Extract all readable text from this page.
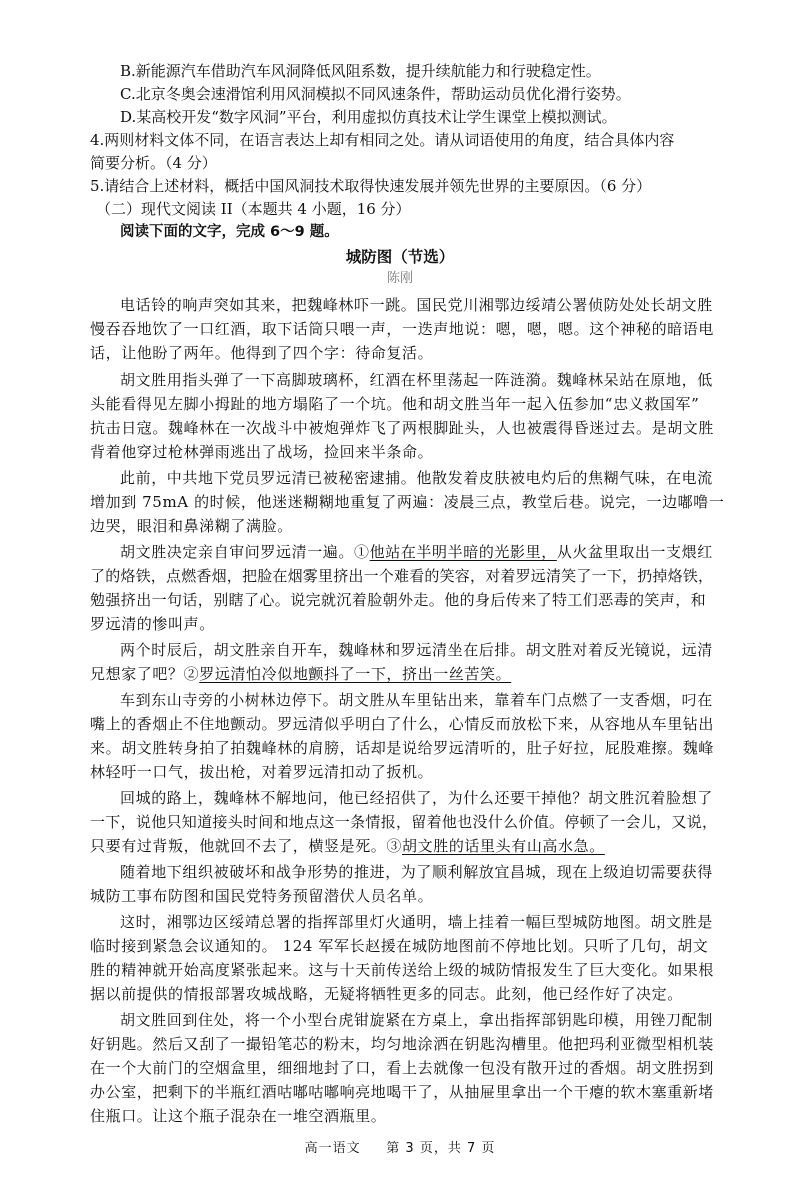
B.新能源汽车借助汽车风洞降低风阻系数，提升续航能力和行驶稳定性。
C.北京冬奥会速滑馆利用风洞模拟不同风速条件，帮助运动员优化滑行姿势。
D.某高校开发“数字风洞”平台，利用虚拟仿真技术让学生课堂上模拟测试。
4.两则材料文体不同，在语言表达上却有相同之处。请从词语使用的角度，结合具体内容
简要分析。（4 分）
5.请结合上述材料，概括中国风洞技术取得快速发展并领先世界的主要原因。（6 分）
（二）现代文阅读 II（本题共 4 小题，16 分）
阅读下面的文字，完成 6～9 题。
城防图（节选）
陈刚
电话铃的响声突如其来，把魏峰林吓一跳。国民党川湘鄂边绥靖公署侦防处处长胡文胜
慢吞吞地饮了一口红酒，取下话筒只喂一声，一迭声地说：嗯，嗯，嗯。这个神秘的暗语电
话，让他盼了两年。他得到了四个字：待命复活。
胡文胜用指头弹了一下高脚玻璃杯，红酒在杯里荡起一阵涟漪。魏峰林呆站在原地，低
头能看得见左脚小拇趾的地方塌陷了一个坑。他和胡文胜当年一起入伍参加“忠义救国军”
抗击日寇。魏峰林在一次战斗中被炮弹炸飞了两根脚趾头，人也被震得昏迷过去。是胡文胜
背着他穿过枪林弹雨逃出了战场，捡回来半条命。
此前，中共地下党员罗远清已被秘密逮捕。他散发着皮肤被电灼后的焦糊气味，在电流
增加到 75mA 的时候，他迷迷糊糊地重复了两遍：凌晨三点，教堂后巷。说完，一边嘟噜一
边哭，眼泪和鼻涕糊了满脸。
胡文胜决定亲自审问罗远清一遍。①他站在半明半暗的光影里，从火盆里取出一支煨红
了的烙铁，点燃香烟，把脸在烟雾里挤出一个难看的笑容，对着罗远清笑了一下，扔掉烙铁，
勉强挤出一句话，别瞎了心。说完就沉着脸朝外走。他的身后传来了特工们恶毒的笑声，和
罗远清的惨叫声。
两个时辰后，胡文胜亲自开车，魏峰林和罗远清坐在后排。胡文胜对着反光镜说，远清
兄想家了吧？②罗远清怕冷似地颤抖了一下，挤出一丝苦笑。
车到东山寺旁的小树林边停下。胡文胜从车里钻出来，靠着车门点燃了一支香烟，叼在
嘴上的香烟止不住地颤动。罗远清似乎明白了什么，心情反而放松下来，从容地从车里钻出
来。胡文胜转身拍了拍魏峰林的肩膀，话却是说给罗远清听的，肚子好拉，屁股难擦。魏峰
林轻吁一口气，拔出枪，对着罗远清扣动了扳机。
回城的路上，魏峰林不解地问，他已经招供了，为什么还要干掉他？胡文胜沉着脸想了
一下，说他只知道接头时间和地点这一条情报，留着他也没什么价值。停顿了一会儿，又说，
只要有过背叛，他就回不去了，横竖是死。③胡文胜的话里头有山高水急。
随着地下组织被破坏和战争形势的推进，为了顺利解放宜昌城，现在上级迫切需要获得
城防工事布防图和国民党特务预留潜伏人员名单。
这时，湘鄂边区绥靖总署的指挥部里灯火通明，墙上挂着一幅巨型城防地图。胡文胜是
临时接到紧急会议通知的。 124 军军长赵援在城防地图前不停地比划。只听了几句，胡文
胜的精神就开始高度紧张起来。这与十天前传送给上级的城防情报发生了巨大变化。如果根
据以前提供的情报部署攻城战略，无疑将牺牲更多的同志。此刻，他已经作好了决定。
胡文胜回到住处，将一个小型台虎钳旋紧在方桌上，拿出指挥部钥匙印模，用锉刀配制
好钥匙。然后又刮了一撮铅笔芯的粉末，均匀地涂洒在钥匙沟槽里。他把玛利亚微型相机装
在一个大前门的空烟盒里，细细地封了口，看上去就像一包没有散开过的香烟。胡文胜拐到
办公室，把剩下的半瓶红酒咕嘟咕嘟响亮地喝干了，从抽屉里拿出一个干瘪的软木塞重新堵
住瓶口。让这个瓶子混杂在一堆空酒瓶里。
高一语文 第 3 页，共 7 页
